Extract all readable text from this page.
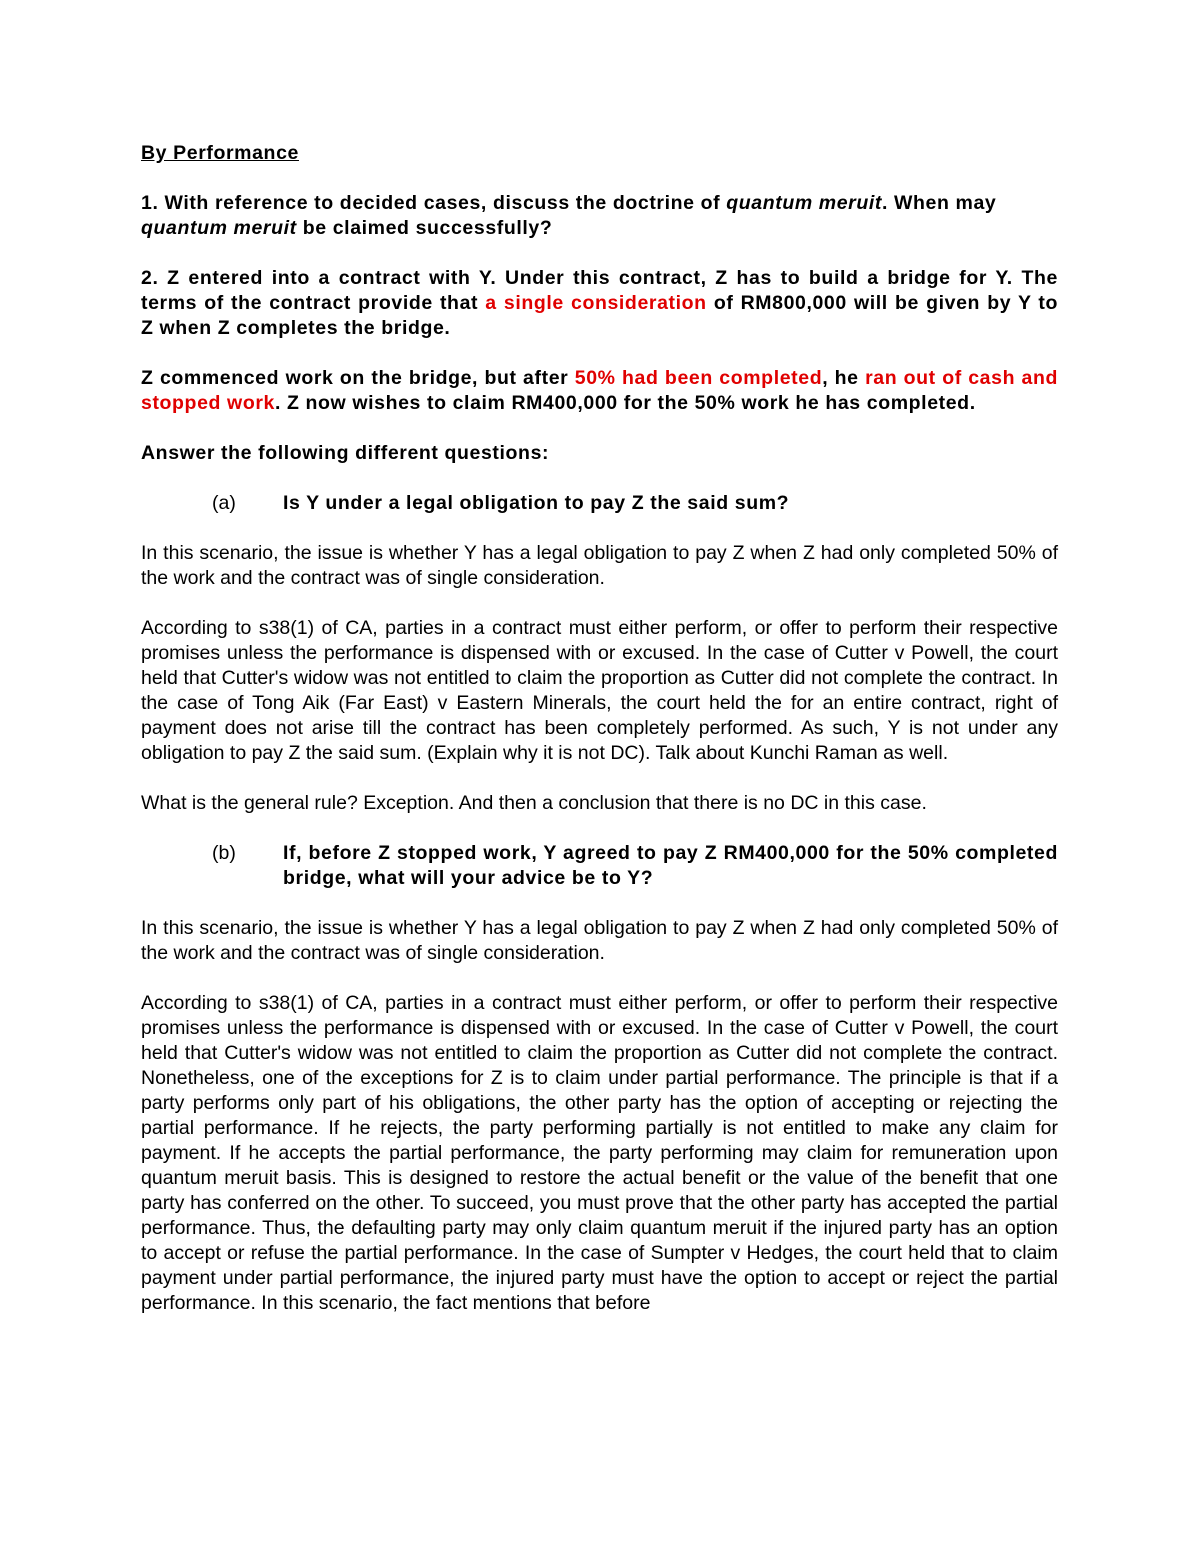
By Performance

1. With reference to decided cases, discuss the doctrine of quantum meruit. When may quantum meruit be claimed successfully?

2. Z entered into a contract with Y. Under this contract, Z has to build a bridge for Y. The terms of the contract provide that a single consideration of RM800,000 will be given by Y to Z when Z completes the bridge.

Z commenced work on the bridge, but after 50% had been completed, he ran out of cash and stopped work. Z now wishes to claim RM400,000 for the 50% work he has completed.

Answer the following different questions:

(a)	Is Y under a legal obligation to pay Z the said sum?

In this scenario, the issue is whether Y has a legal obligation to pay Z when Z had only completed 50% of the work and the contract was of single consideration.

According to s38(1) of CA, parties in a contract must either perform, or offer to perform their respective promises unless the performance is dispensed with or excused. In the case of Cutter v Powell, the court held that Cutter's widow was not entitled to claim the proportion as Cutter did not complete the contract. In the case of Tong Aik (Far East) v Eastern Minerals, the court held the for an entire contract, right of payment does not arise till the contract has been completely performed. As such, Y is not under any obligation to pay Z the said sum. (Explain why it is not DC). Talk about Kunchi Raman as well.

What is the general rule? Exception. And then a conclusion that there is no DC in this case.

(b)	If, before Z stopped work, Y agreed to pay Z RM400,000 for the 50% completed bridge, what will your advice be to Y?

In this scenario, the issue is whether Y has a legal obligation to pay Z when Z had only completed 50% of the work and the contract was of single consideration.

According to s38(1) of CA, parties in a contract must either perform, or offer to perform their respective promises unless the performance is dispensed with or excused. In the case of Cutter v Powell, the court held that Cutter's widow was not entitled to claim the proportion as Cutter did not complete the contract. Nonetheless, one of the exceptions for Z is to claim under partial performance. The principle is that if a party performs only part of his obligations, the other party has the option of accepting or rejecting the partial performance. If he rejects, the party performing partially is not entitled to make any claim for payment. If he accepts the partial performance, the party performing may claim for remuneration upon quantum meruit basis. This is designed to restore the actual benefit or the value of the benefit that one party has conferred on the other. To succeed, you must prove that the other party has accepted the partial performance. Thus, the defaulting party may only claim quantum meruit if the injured party has an option to accept or refuse the partial performance. In the case of Sumpter v Hedges, the court held that to claim payment under partial performance, the injured party must have the option to accept or reject the partial performance. In this scenario, the fact mentions that before
